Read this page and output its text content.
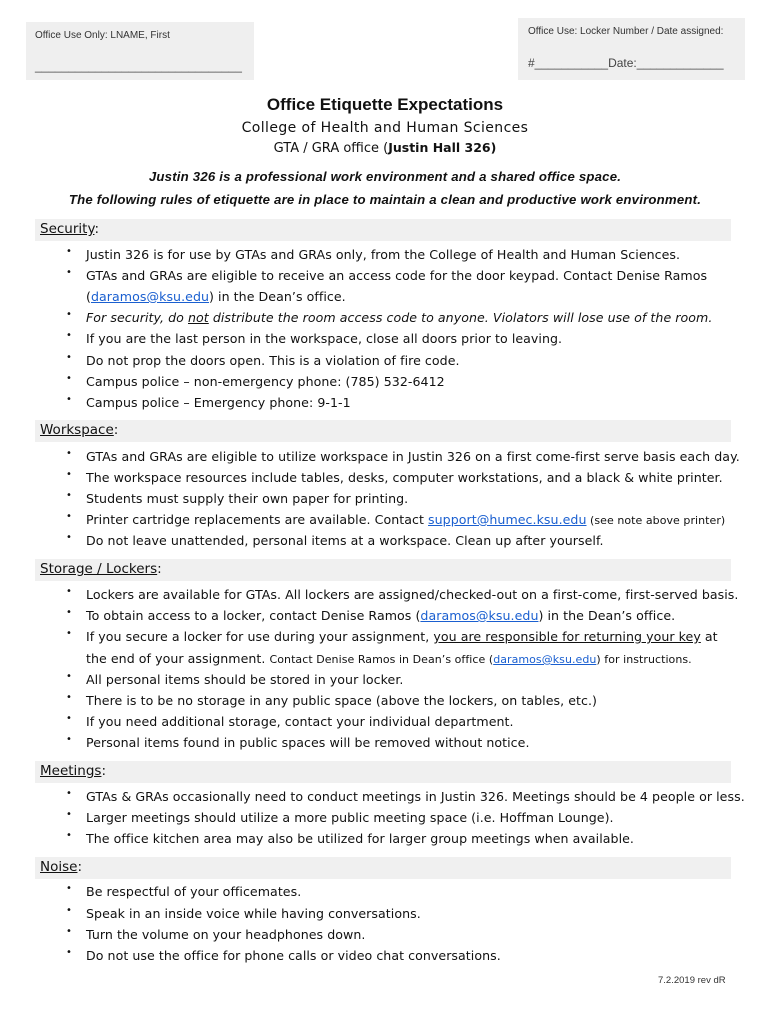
Office Use Only: LNAME, First
_______________________________
Office Use: Locker Number / Date assigned:
#___________Date:_____________
Office Etiquette Expectations
College of Health and Human Sciences
GTA / GRA office (Justin Hall 326)
Justin 326 is a professional work environment and a shared office space.
The following rules of etiquette are in place to maintain a clean and productive work environment.
Security:
• Justin 326 is for use by GTAs and GRAs only, from the College of Health and Human Sciences.
• GTAs and GRAs are eligible to receive an access code for the door keypad. Contact Denise Ramos
(daramos@ksu.edu) in the Dean’s office.
• For security, do not distribute the room access code to anyone. Violators will lose use of the room.
• If you are the last person in the workspace, close all doors prior to leaving.
• Do not prop the doors open. This is a violation of fire code.
• Campus police – non-emergency phone: (785) 532-6412
• Campus police – Emergency phone: 9-1-1
Workspace:
• GTAs and GRAs are eligible to utilize workspace in Justin 326 on a first come-first serve basis each day.
• The workspace resources include tables, desks, computer workstations, and a black & white printer.
• Students must supply their own paper for printing.
• Printer cartridge replacements are available. Contact support@humec.ksu.edu (see note above printer)
• Do not leave unattended, personal items at a workspace. Clean up after yourself.
Storage / Lockers:
• Lockers are available for GTAs. All lockers are assigned/checked-out on a first-come, first-served basis.
• To obtain access to a locker, contact Denise Ramos (daramos@ksu.edu) in the Dean’s office.
• If you secure a locker for use during your assignment, you are responsible for returning your key at
the end of your assignment. Contact Denise Ramos in Dean’s office (daramos@ksu.edu) for instructions.
• All personal items should be stored in your locker.
• There is to be no storage in any public space (above the lockers, on tables, etc.)
• If you need additional storage, contact your individual department.
• Personal items found in public spaces will be removed without notice.
Meetings:
• GTAs & GRAs occasionally need to conduct meetings in Justin 326. Meetings should be 4 people or less.
• Larger meetings should utilize a more public meeting space (i.e. Hoffman Lounge).
• The office kitchen area may also be utilized for larger group meetings when available.
Noise:
• Be respectful of your officemates.
• Speak in an inside voice while having conversations.
• Turn the volume on your headphones down.
• Do not use the office for phone calls or video chat conversations.
7.2.2019 rev dR
